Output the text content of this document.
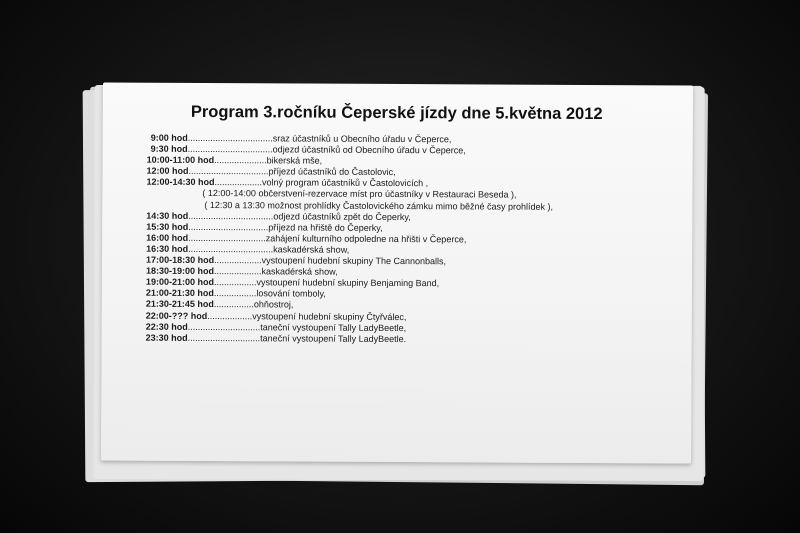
Program 3.ročníku Čeperské jízdy dne 5.května 2012
9:00 hod .................................. sraz účastníků u Obecního úřadu v Čeperce,
9:30 hod .................................. odjezd účastníků od Obecního úřadu v Čeperce,
10:00-11:00 hod ..................... bikerská mše,
12:00 hod ................................ příjezd účastníků do Častolovic,
12:00-14:30 hod ................... volný program účastníků v Častolovicích ,
( 12:00-14:00 občerstvení-rezervace míst pro účastníky v Restauraci Beseda ),
( 12:30 a 13:30 možnost prohlídky Častolovického zámku mimo běžné časy prohlídek ),
14:30 hod .................................. odjezd účastníků zpět do Čeperky,
15:30 hod ................................ příjezd na hřiště do Čeperky,
16:00 hod ............................... zahájení kulturního odpoledne na hřišti v Čeperce,
16:30 hod .................................. kaskadérská show,
17:00-18:30 hod ................... vystoupení hudební skupiny The Cannonballs,
18:30-19:00 hod ................... kaskadérská show,
19:00-21:00 hod ................. vystoupení hudební skupiny Benjaming Band,
21:00-21:30 hod ................. losování tomboly,
21:30-21:45 hod ................ ohňostroj,
22:00-??? hod .................. vystoupení hudební skupiny Čtyřválec,
22:30 hod ............................. taneční vystoupení Tally LadyBeetle,
23:30 hod ............................. taneční vystoupení Tally LadyBeetle.
